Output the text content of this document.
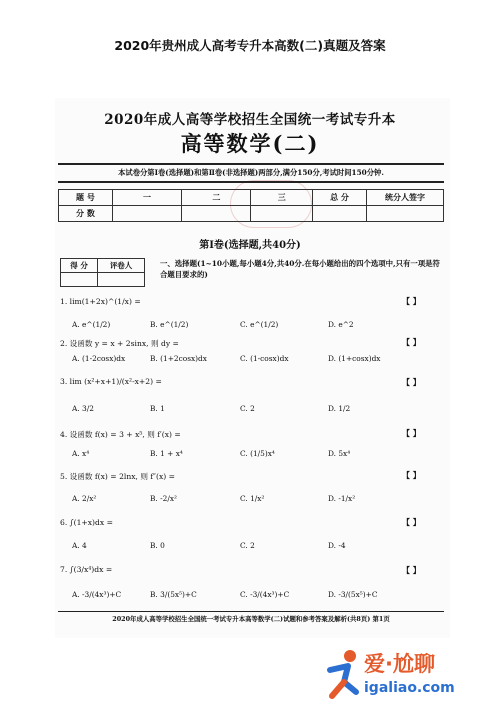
2020年贵州成人高考专升本高数(二)真题及答案
2020年成人高等学校招生全国统一考试专升本
高等数学(二)
本试卷分第Ⅰ卷(选择题)和第Ⅱ卷(非选择题)两部分,满分150分,考试时间150分钟.
题 号	一	二	三	总 分	统分人签字
分 数					
第Ⅰ卷(选择题,共40分)
得 分	评卷人
		一、选择题(1~10小题,每小题4分,共40分.在每小题给出的四个选项中,只有一项是符合题目要求的)
1. lim(1+2x)^(1/x) =	【 】
A. e^(1/2)	B. e^(1/2)	C. e^(1/2)	D. e^2
2. 设函数 y = x + 2sinx, 则 dy =	【 】
A. (1-2cosx)dx	B. (1+2cosx)dx	C. (1-cosx)dx	D. (1+cosx)dx
3. lim (x²+x+1)/(x²-x+2) =	【 】
A. 3/2	B. 1	C. 2	D. 1/2
4. 设函数 f(x) = 3 + x⁵, 则 f′(x) =	【 】
A. x⁴	B. 1 + x⁴	C. (1/5)x⁴	D. 5x⁴
5. 设函数 f(x) = 2lnx, 则 f″(x) =	【 】
A. 2/x²	B. -2/x²	C. 1/x²	D. -1/x²
6. ∫(1+x)dx =	【 】
A. 4	B. 0	C. 2	D. -4
7. ∫(3/x⁴)dx =	【 】
A. -3/(4x³)+C	B. 3/(5x⁵)+C	C. -3/(4x³)+C	D. -3/(5x⁵)+C
2020年成人高等学校招生全国统一考试专升本高等数学(二)试题和参考答案及解析(共8页) 第1页
爱·尬聊
igaliao.com
